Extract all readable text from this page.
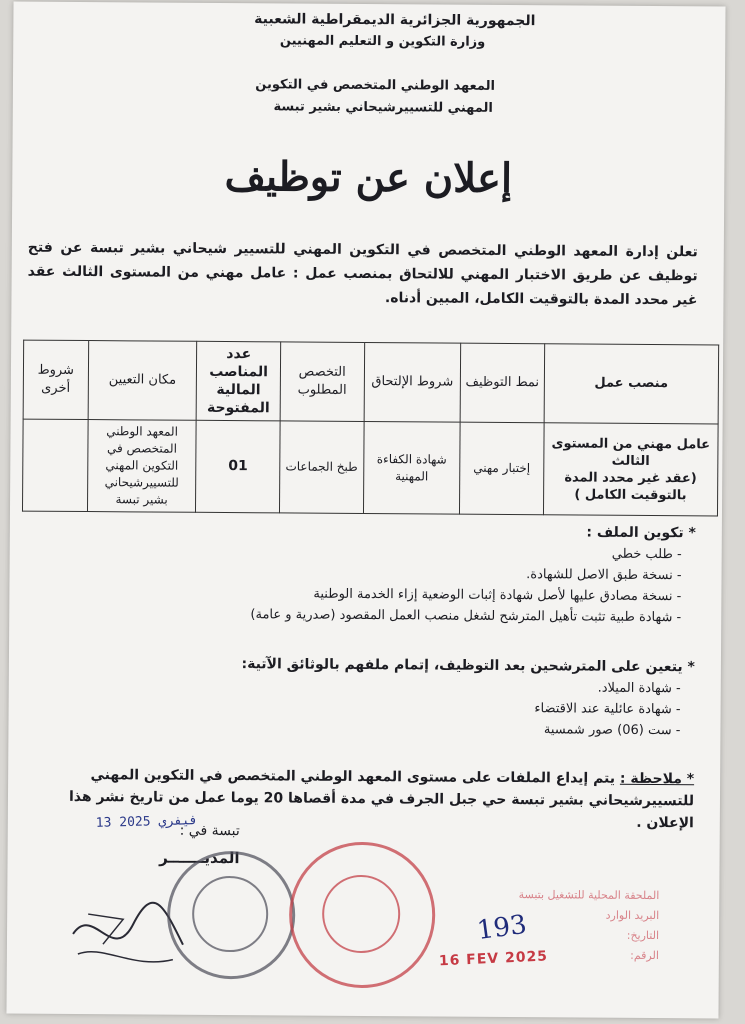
الجمهورية الجزائرية الديمقراطية الشعبية
وزارة التكوين و التعليم المهنيين
المعهد الوطني المتخصص في التكوين
المهني للتسييرشيحاني بشير تبسة
إعلان عن توظيف
تعلن إدارة المعهد الوطني المتخصص في التكوين المهني للتسيير شيحاني بشير تبسة عن فتح توظيف عن طريق الاختبار المهني للالتحاق بمنصب عمل : عامل مهني من المستوى الثالث عقد غير محدد المدة بالتوقيت الكامل، المبين أدناه.
منصب عمل	نمط التوظيف	شروط الإلتحاق	التخصص المطلوب	عدد المناصب المالية المفتوحة	مكان التعيين	شروط أخرى

عامل مهني من المستوى الثالث
(عقد غير محدد المدة بالتوقيت الكامل )	إختبار مهني	شهادة الكفاءة المهنية	طبخ الجماعات	01	المعهد الوطني المتخصص في التكوين المهني للتسييرشيحاني بشير تبسة	
* تكوين الملف :
- طلب خطي
- نسخة طبق الاصل للشهادة.
- نسخة مصادق عليها لأصل شهادة إثبات الوضعية إزاء الخدمة الوطنية
- شهادة طبية تثبت تأهيل المترشح لشغل منصب العمل المقصود (صدرية و عامة)
* يتعين على المترشحين بعد التوظيف، إتمام ملفهم بالوثائق الآتية:
- شهادة الميلاد.
- شهادة عائلية عند الاقتضاء
- ست (06) صور شمسية
* ملاحظة : يتم إيداع الملفات على مستوى المعهد الوطني المتخصص في التكوين المهني للتسييرشيحاني بشير تبسة حي جبل الجرف في مدة أقصاها 20 يوما عمل من تاريخ نشر هذا الإعلان .
13 فيفري 2025
تبسة في :
المديـــــــر
الملحقة المحلية للتشغيل بتبسة
البريد الوارد
التاريخ:
الرقم:
193
16 FEV 2025
